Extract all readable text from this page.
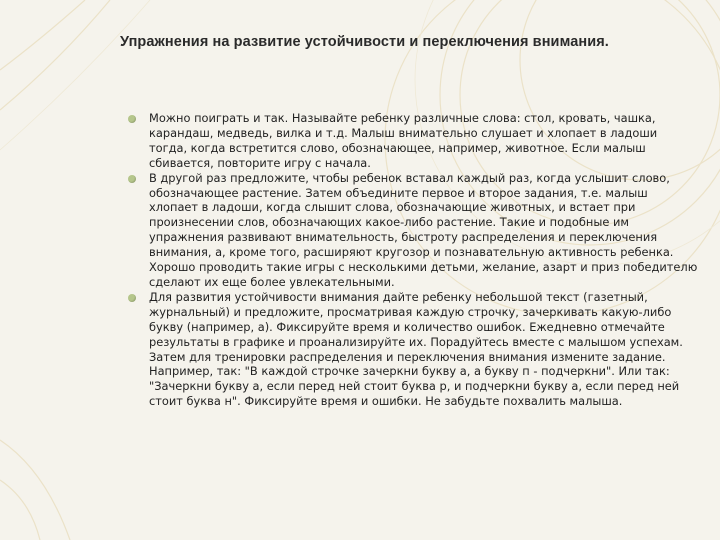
Упражнения на развитие устойчивости и переключения внимания.
Можно поиграть и так. Называйте ребенку различные слова: стол, кровать, чашка, карандаш, медведь, вилка и т.д. Малыш внимательно слушает и хлопает в ладоши тогда, когда встретится слово, обозначающее, например, животное. Если малыш сбивается, повторите игру с начала.
В другой раз предложите, чтобы ребенок вставал каждый раз, когда услышит слово, обозначающее растение. Затем объедините первое и второе задания, т.е. малыш хлопает в ладоши, когда слышит слова, обозначающие животных, и встает при произнесении слов, обозначающих какое-либо растение. Такие и подобные им упражнения развивают внимательность, быстроту распределения и переключения внимания, а, кроме того, расширяют кругозор и познавательную активность ребенка. Хорошо проводить такие игры с несколькими детьми, желание, азарт и приз победителю сделают их еще более увлекательными.
Для развития устойчивости внимания дайте ребенку небольшой текст (газетный, журнальный) и предложите, просматривая каждую строчку, зачеркивать какую-либо букву (например, а). Фиксируйте время и количество ошибок. Ежедневно отмечайте результаты в графике и проанализируйте их. Порадуйтесь вместе с малышом успехам. Затем для тренировки распределения и переключения внимания измените задание. Например, так: "В каждой строчке зачеркни букву а, а букву п - подчеркни". Или так: "Зачеркни букву а, если перед ней стоит буква р, и подчеркни букву а, если перед ней стоит буква н". Фиксируйте время и ошибки. Не забудьте похвалить малыша.
